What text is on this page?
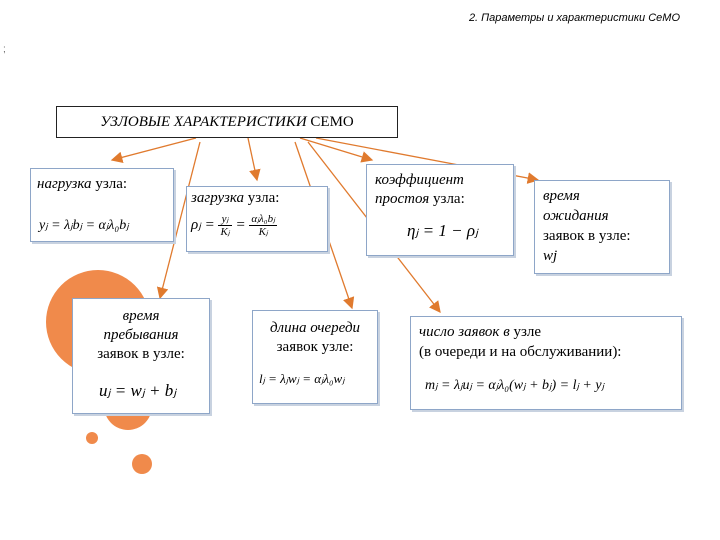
2. Параметры и характеристики СеМО
;
УЗЛОВЫЕ ХАРАКТЕРИСТИКИ
СЕМО
нагрузка узла:
yⱼ = λⱼbⱼ = αⱼλ₀bⱼ
загрузка узла:
ρⱼ = $\frac{\text{yⱼ}}{\text{Kⱼ}} = \frac{\text{αⱼλ₀bⱼ}}{\text{Kⱼ}}$
коэффициент
простоя узла:
ηⱼ = 1 − ρⱼ
время
ожидания
заявок в узле:
wj
время
пребывания
заявок в узле:
uⱼ = wⱼ + bⱼ
длина очереди
заявок узле:
lⱼ = λⱼwⱼ = αⱼλ₀wⱼ
число заявок в узле
(в очереди и на обслуживании):
mⱼ = λⱼuⱼ = αⱼλ₀(wⱼ + bⱼ) = lⱼ + yⱼ
